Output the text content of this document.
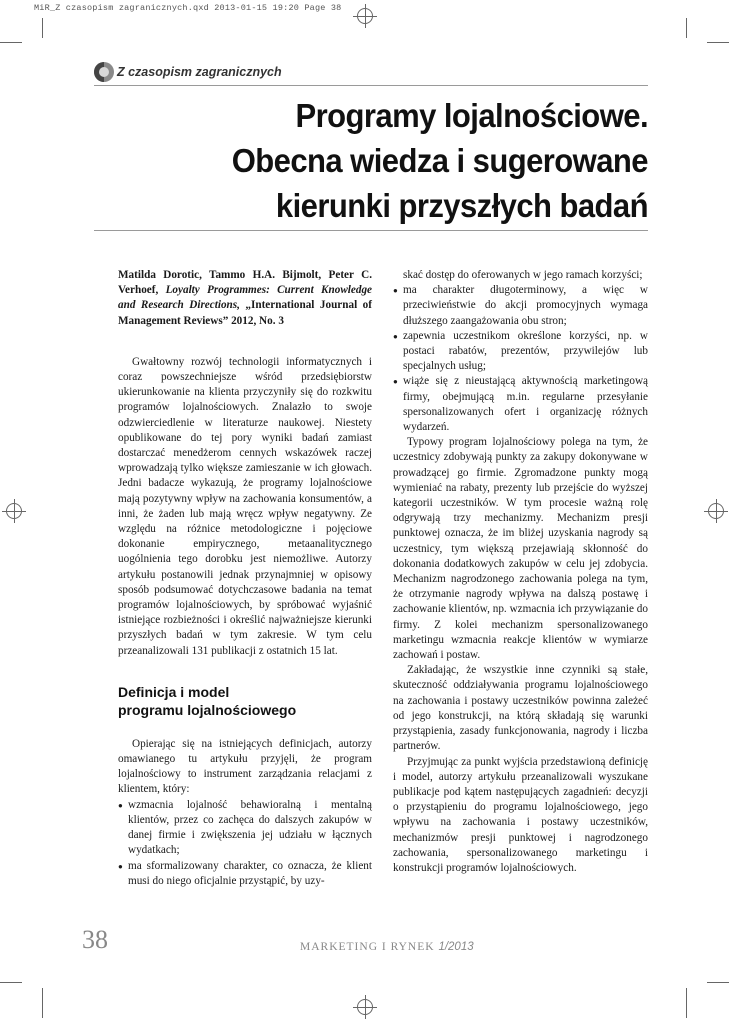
MiR_Z czasopism zagranicznych.qxd 2013-01-15 19:20 Page 38
Z czasopism zagranicznych
Programy lojalnościowe.
Obecna wiedza i sugerowane
kierunki przyszłych badań

Matilda Dorotic, Tammo H.A. Bijmolt, Peter C. Verhoef, Loyalty Programmes: Current Knowledge and Research Directions, „International Journal of Management Reviews” 2012, No. 3

Gwałtowny rozwój technologii informatycznych i coraz powszechniejsze wśród przedsiębiorstw ukierunkowanie na klienta przyczyniły się do rozkwitu programów lojalnościowych. Znalazło to swoje odzwierciedlenie w literaturze naukowej. Niestety opublikowane do tej pory wyniki badań zamiast dostarczać menedżerom cennych wskazówek raczej wprowadzają tylko większe zamieszanie w ich głowach. Jedni badacze wykazują, że programy lojalnościowe mają pozytywny wpływ na zachowania konsumentów, a inni, że żaden lub mają wręcz wpływ negatywny. Ze względu na różnice metodologiczne i pojęciowe dokonanie empirycznego, metaanalitycznego uogólnienia tego dorobku jest niemożliwe. Autorzy artykułu postanowili jednak przynajmniej w opisowy sposób podsumować dotychczasowe badania na temat programów lojalnościowych, by spróbować wyjaśnić istniejące rozbieżności i określić najważniejsze kierunki przyszłych badań w tym zakresie. W tym celu przeanalizowali 131 publikacji z ostatnich 15 lat.

Definicja i model
programu lojalnościowego

Opierając się na istniejących definicjach, autorzy omawianego tu artykułu przyjęli, że program lojalnościowy to instrument zarządzania relacjami z klientem, który:

● wzmacnia lojalność behawioralną i mentalną klientów, przez co zachęca do dalszych zakupów w danej firmie i zwiększenia jej udziału w łącznych wydatkach;
● ma sformalizowany charakter, co oznacza, że klient musi do niego oficjalnie przystąpić, by uzy-
skać dostęp do oferowanych w jego ramach korzyści;
● ma charakter długoterminowy, a więc w przeciwieństwie do akcji promocyjnych wymaga dłuższego zaangażowania obu stron;
● zapewnia uczestnikom określone korzyści, np. w postaci rabatów, prezentów, przywilejów lub specjalnych usług;
● wiąże się z nieustającą aktywnością marketingową firmy, obejmującą m.in. regularne przesyłanie spersonalizowanych ofert i organizację różnych wydarzeń.

Typowy program lojalnościowy polega na tym, że uczestnicy zdobywają punkty za zakupy dokonywane w prowadzącej go firmie. Zgromadzone punkty mogą wymieniać na rabaty, prezenty lub przejście do wyższej kategorii uczestników. W tym procesie ważną rolę odgrywają trzy mechanizmy. Mechanizm presji punktowej oznacza, że im bliżej uzyskania nagrody są uczestnicy, tym większą przejawiają skłonność do dokonania dodatkowych zakupów w celu jej zdobycia. Mechanizm nagrodzonego zachowania polega na tym, że otrzymanie nagrody wpływa na dalszą postawę i zachowanie klientów, np. wzmacnia ich przywiązanie do firmy. Z kolei mechanizm spersonalizowanego marketingu wzmacnia reakcje klientów w wymiarze zachowań i postaw.

Zakładając, że wszystkie inne czynniki są stałe, skuteczność oddziaływania programu lojalnościowego na zachowania i postawy uczestników powinna zależeć od jego konstrukcji, na którą składają się warunki przystąpienia, zasady funkcjonowania, nagrody i liczba partnerów.

Przyjmując za punkt wyjścia przedstawioną definicję i model, autorzy artykułu przeanalizowali wyszukane publikacje pod kątem następujących zagadnień: decyzji o przystąpieniu do programu lojalnościowego, jego wpływu na zachowania i postawy uczestników, mechanizmów presji punktowej i nagrodzonego zachowania, spersonalizowanego marketingu i konstrukcji programów lojalnościowych.

38	MARKETING I RYNEK 1/2013
